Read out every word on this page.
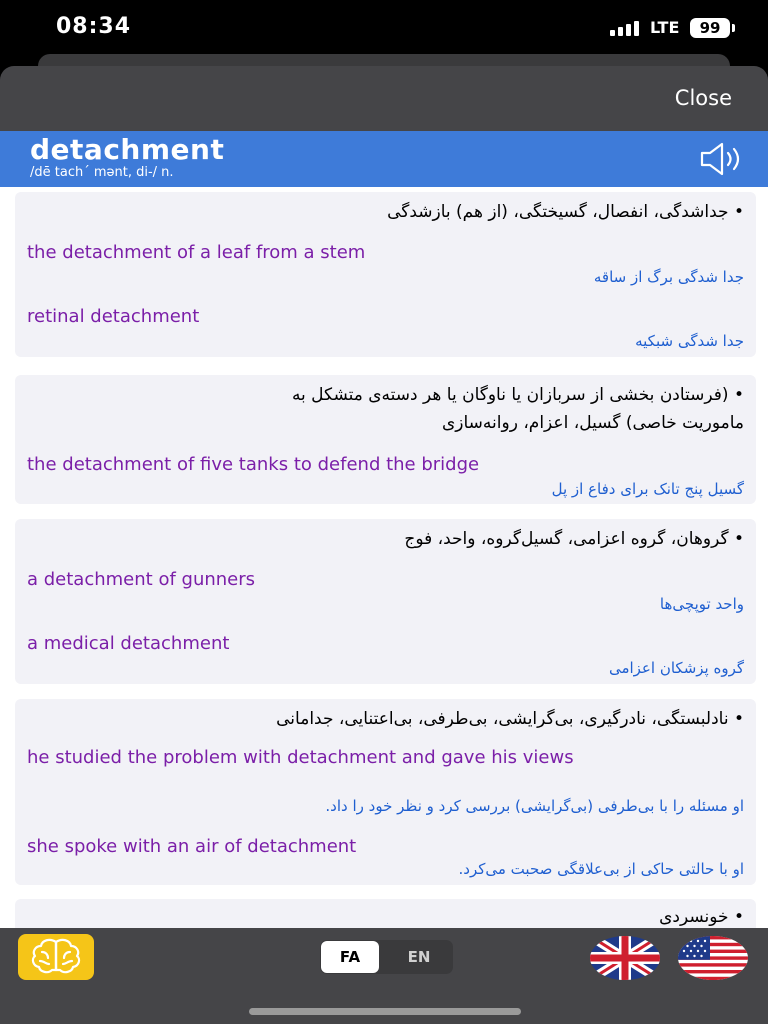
08:34	LTE	99
Close
detachment
/dē tach´ mənt, di-/ n.
• جداشدگی، انفصال، گسیختگی، (از هم) بازشدگی
the detachment of a leaf from a stem
جدا شدگی برگ از ساقه
retinal detachment
جدا شدگی شبکیه
• (فرستادن بخشی از سربازان یا ناوگان یا هر دسته‌ی متشکل به
ماموریت خاصی) گسیل، اعزام، روانه‌سازی
the detachment of five tanks to defend the bridge
گسیل پنج تانک برای دفاع از پل
• گروهان، گروه اعزامی، گسیل‌گروه، واحد، فوج
a detachment of gunners
واحد توپچی‌ها
a medical detachment
گروه پزشکان اعزامی
• نادلبستگی، نادرگیری، بی‌گرایشی، بی‌طرفی، بی‌اعتنایی، جدامانی
he studied the problem with detachment and gave his views
او مسئله را با بی‌طرفی (بی‌گرایشی) بررسی کرد و نظر خود را داد.
she spoke with an air of detachment
او با حالتی حاکی از بی‌علاقگی صحبت می‌کرد.
• خونسردی
FA	EN
